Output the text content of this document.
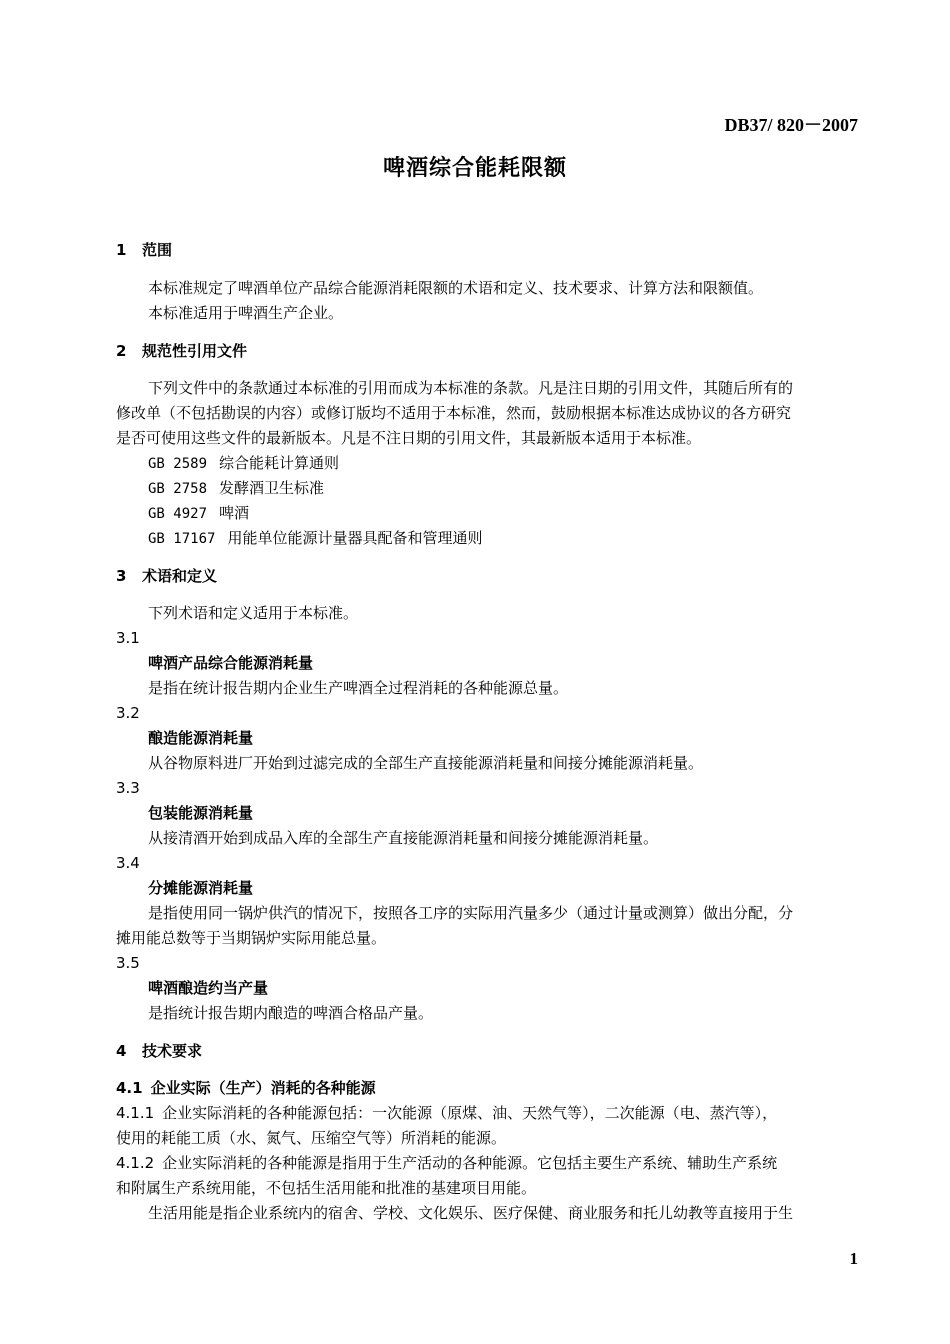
DB37/ 820－2007
啤酒综合能耗限额
1 范围
本标准规定了啤酒单位产品综合能源消耗限额的术语和定义、技术要求、计算方法和限额值。
本标准适用于啤酒生产企业。
2 规范性引用文件
下列文件中的条款通过本标准的引用而成为本标准的条款。凡是注日期的引用文件，其随后所有的
修改单（不包括勘误的内容）或修订版均不适用于本标准，然而，鼓励根据本标准达成协议的各方研究
是否可使用这些文件的最新版本。凡是不注日期的引用文件，其最新版本适用于本标准。
GB 2589 综合能耗计算通则
GB 2758 发酵酒卫生标准
GB 4927 啤酒
GB 17167 用能单位能源计量器具配备和管理通则
3 术语和定义
下列术语和定义适用于本标准。
3.1
啤酒产品综合能源消耗量
是指在统计报告期内企业生产啤酒全过程消耗的各种能源总量。
3.2
酿造能源消耗量
从谷物原料进厂开始到过滤完成的全部生产直接能源消耗量和间接分摊能源消耗量。
3.3
包装能源消耗量
从接清酒开始到成品入库的全部生产直接能源消耗量和间接分摊能源消耗量。
3.4
分摊能源消耗量
是指使用同一锅炉供汽的情况下，按照各工序的实际用汽量多少（通过计量或测算）做出分配，分
摊用能总数等于当期锅炉实际用能总量。
3.5
啤酒酿造约当产量
是指统计报告期内酿造的啤酒合格品产量。
4 技术要求
4.1 企业实际（生产）消耗的各种能源
4.1.1 企业实际消耗的各种能源包括：一次能源（原煤、油、天然气等），二次能源（电、蒸汽等），
使用的耗能工质（水、氮气、压缩空气等）所消耗的能源。
4.1.2 企业实际消耗的各种能源是指用于生产活动的各种能源。它包括主要生产系统、辅助生产系统
和附属生产系统用能，不包括生活用能和批准的基建项目用能。
生活用能是指企业系统内的宿舍、学校、文化娱乐、医疗保健、商业服务和托儿幼教等直接用于生
1
